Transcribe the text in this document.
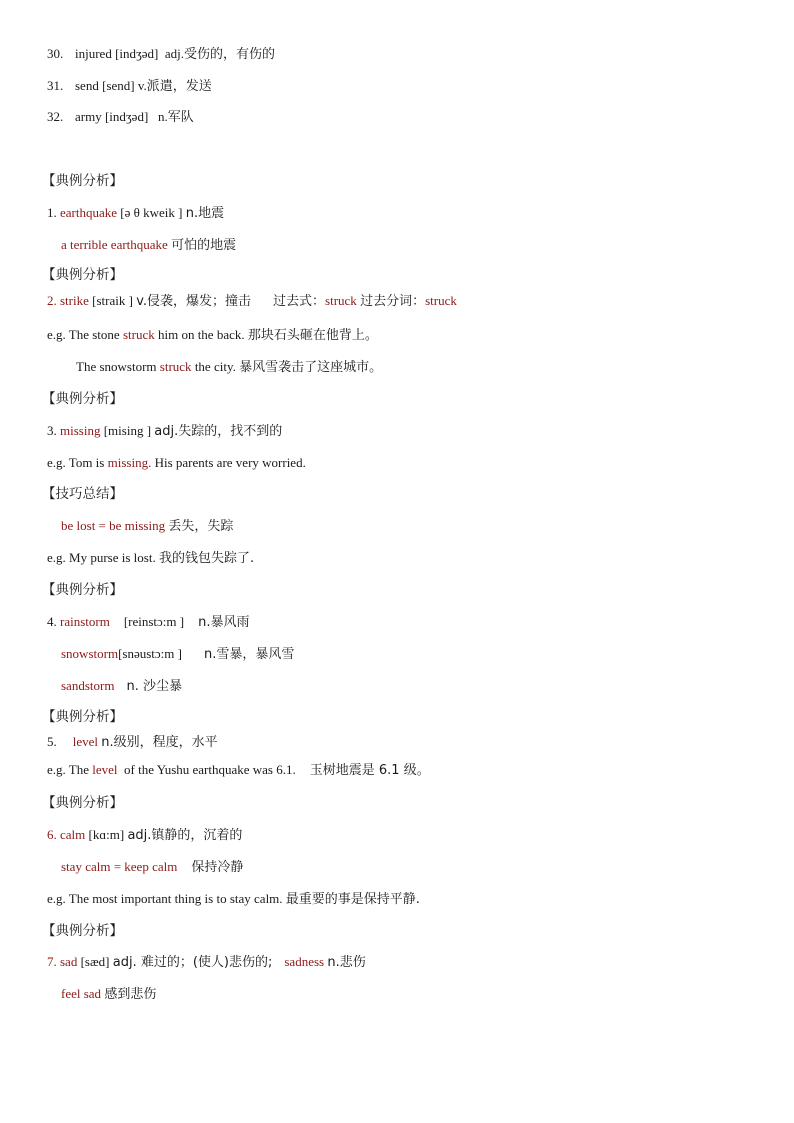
30. injured [indʒəd] adj.受伤的，有伤的
31. send [send] v.派遣，发送
32. army [indʒəd] n.军队
【典例分析】
1. earthquake [ə θ kweik ] n.地震
a terrible earthquake 可怕的地震
【典例分析】
2. strike [straik ] v.侵袭，爆发；撞击 过去式：struck 过去分词：struck
e.g. The stone struck him on the back. 那块石头砸在他背上。
The snowstorm struck the city. 暴风雪袭击了这座城市。
【典例分析】
3. missing [mising ] adj.失踪的，找不到的
e.g. Tom is missing. His parents are very worried.
【技巧总结】
be lost = be missing 丢失，失踪
e.g. My purse is lost. 我的钱包失踪了.
【典例分析】
4. rainstorm [reinstɔ:m ] n.暴风雨
snowstorm[snəustɔ:m ] n.雪暴，暴风雪
sandstorm n. 沙尘暴
【典例分析】
5. level n.级别，程度，水平
e.g. The level of the Yushu earthquake was 6.1. 玉树地震是 6.1 级。
【典例分析】
6. calm [kɑ:m] adj.镇静的，沉着的
stay calm = keep calm 保持冷静
e.g. The most important thing is to stay calm. 最重要的事是保持平静.
【典例分析】
7. sad [sæd] adj. 难过的；(使人)悲伤的; sadness n.悲伤
feel sad 感到悲伤
